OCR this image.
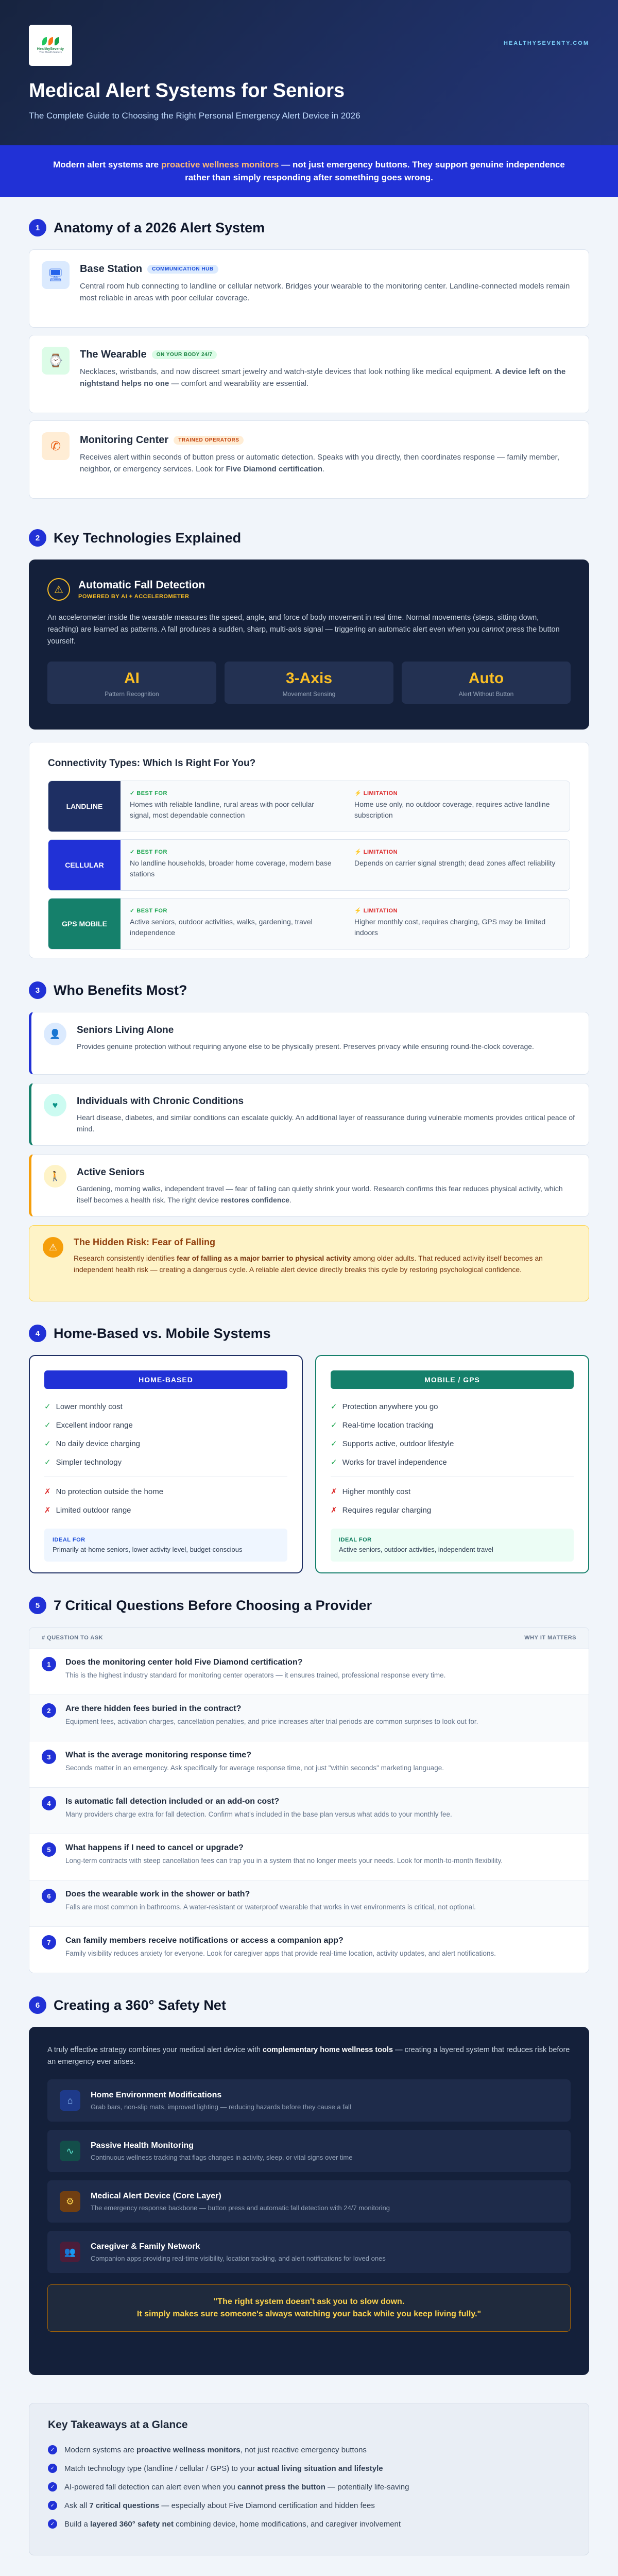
HealthySeventy
Your Health Matters
HEALTHYSEVENTY.COM
Medical Alert Systems for Seniors

The Complete Guide to Choosing the Right Personal Emergency Alert Device in 2026

Modern alert systems are proactive wellness monitors — not just emergency buttons. They support genuine independence rather than simply responding after something goes wrong.
1 Anatomy of a 2026 Alert System
🖥	Base Station	COMMUNICATION HUB

Central room hub connecting to landline or cellular network. Bridges your wearable to the monitoring center. Landline-connected models remain most reliable in areas with poor cellular coverage.

⌚	The Wearable	ON YOUR BODY 24/7

Necklaces, wristbands, and now discreet smart jewelry and watch-style devices that look nothing like medical equipment. A device left on the nightstand helps no one — comfort and wearability are essential.

✆	Monitoring Center	TRAINED OPERATORS

Receives alert within seconds of button press or automatic detection. Speaks with you directly, then coordinates response — family member, neighbor, or emergency services. Look for Five Diamond certification.

2 Key Technologies Explained
⚠	Automatic Fall Detection
POWERED BY AI + ACCELEROMETER

An accelerometer inside the wearable measures the speed, angle, and force of body movement in real time. Normal movements (steps, sitting down, reaching) are learned as patterns. A fall produces a sudden, sharp, multi-axis signal — triggering an automatic alert even when you cannot press the button yourself.

AI
Pattern Recognition
3-Axis
Movement Sensing
Auto
Alert Without Button
Connectivity Types: Which Is Right For You?
LANDLINE
✓ BEST FOR
Homes with reliable landline, rural areas with poor cellular signal, most dependable connection
⚡ LIMITATION
Home use only, no outdoor coverage, requires active landline subscription
CELLULAR
✓ BEST FOR
No landline households, broader home coverage, modern base stations
⚡ LIMITATION
Depends on carrier signal strength; dead zones affect reliability
GPS MOBILE
✓ BEST FOR
Active seniors, outdoor activities, walks, gardening, travel independence
⚡ LIMITATION
Higher monthly cost, requires charging, GPS may be limited indoors
3 Who Benefits Most?
👤	Seniors Living Alone

Provides genuine protection without requiring anyone else to be physically present. Preserves privacy while ensuring round-the-clock coverage.

♥	Individuals with Chronic Conditions

Heart disease, diabetes, and similar conditions can escalate quickly. An additional layer of reassurance during vulnerable moments provides critical peace of mind.

🚶	Active Seniors

Gardening, morning walks, independent travel — fear of falling can quietly shrink your world. Research confirms this fear reduces physical activity, which itself becomes a health risk. The right device restores confidence.

⚠	The Hidden Risk: Fear of Falling

Research consistently identifies fear of falling as a major barrier to physical activity among older adults. That reduced activity itself becomes an independent health risk — creating a dangerous cycle. A reliable alert device directly breaks this cycle by restoring psychological confidence.

4 Home-Based vs. Mobile Systems
HOME-BASED
✓ Lower monthly cost
✓ Excellent indoor range
✓ No daily device charging
✓ Simpler technology
✗ No protection outside the home
✗ Limited outdoor range
IDEAL FOR
Primarily at-home seniors, lower activity level, budget-conscious
MOBILE / GPS
✓ Protection anywhere you go
✓ Real-time location tracking
✓ Supports active, outdoor lifestyle
✓ Works for travel independence
✗ Higher monthly cost
✗ Requires regular charging
IDEAL FOR
Active seniors, outdoor activities, independent travel
5 7 Critical Questions Before Choosing a Provider
# QUESTION TO ASK	WHY IT MATTERS
1	Does the monitoring center hold Five Diamond certification?

This is the highest industry standard for monitoring center operators — it ensures trained, professional response every time.

2	Are there hidden fees buried in the contract?

Equipment fees, activation charges, cancellation penalties, and price increases after trial periods are common surprises to look out for.

3	What is the average monitoring response time?

Seconds matter in an emergency. Ask specifically for average response time, not just "within seconds" marketing language.

4	Is automatic fall detection included or an add-on cost?

Many providers charge extra for fall detection. Confirm what's included in the base plan versus what adds to your monthly fee.

5	What happens if I need to cancel or upgrade?

Long-term contracts with steep cancellation fees can trap you in a system that no longer meets your needs. Look for month-to-month flexibility.

6	Does the wearable work in the shower or bath?

Falls are most common in bathrooms. A water-resistant or waterproof wearable that works in wet environments is critical, not optional.

7	Can family members receive notifications or access a companion app?

Family visibility reduces anxiety for everyone. Look for caregiver apps that provide real-time location, activity updates, and alert notifications.

6 Creating a 360° Safety Net

A truly effective strategy combines your medical alert device with complementary home wellness tools — creating a layered system that reduces risk before an emergency ever arises.

⌂
Home Environment Modifications

Grab bars, non-slip mats, improved lighting — reducing hazards before they cause a fall

∿
Passive Health Monitoring

Continuous wellness tracking that flags changes in activity, sleep, or vital signs over time

⚙
Medical Alert Device (Core Layer)

The emergency response backbone — button press and automatic fall detection with 24/7 monitoring

👥
Caregiver & Family Network

Companion apps providing real-time visibility, location tracking, and alert notifications for loved ones

"The right system doesn't ask you to slow down.
It simply makes sure someone's always watching your back while you keep living fully."
Key Takeaways at a Glance
✓	Modern systems are proactive wellness monitors, not just reactive emergency buttons
✓	Match technology type (landline / cellular / GPS) to your actual living situation and lifestyle
✓	AI-powered fall detection can alert even when you cannot press the button — potentially life-saving
✓	Ask all 7 critical questions — especially about Five Diamond certification and hidden fees
✓	Build a layered 360° safety net combining device, home modifications, and caregiver involvement
